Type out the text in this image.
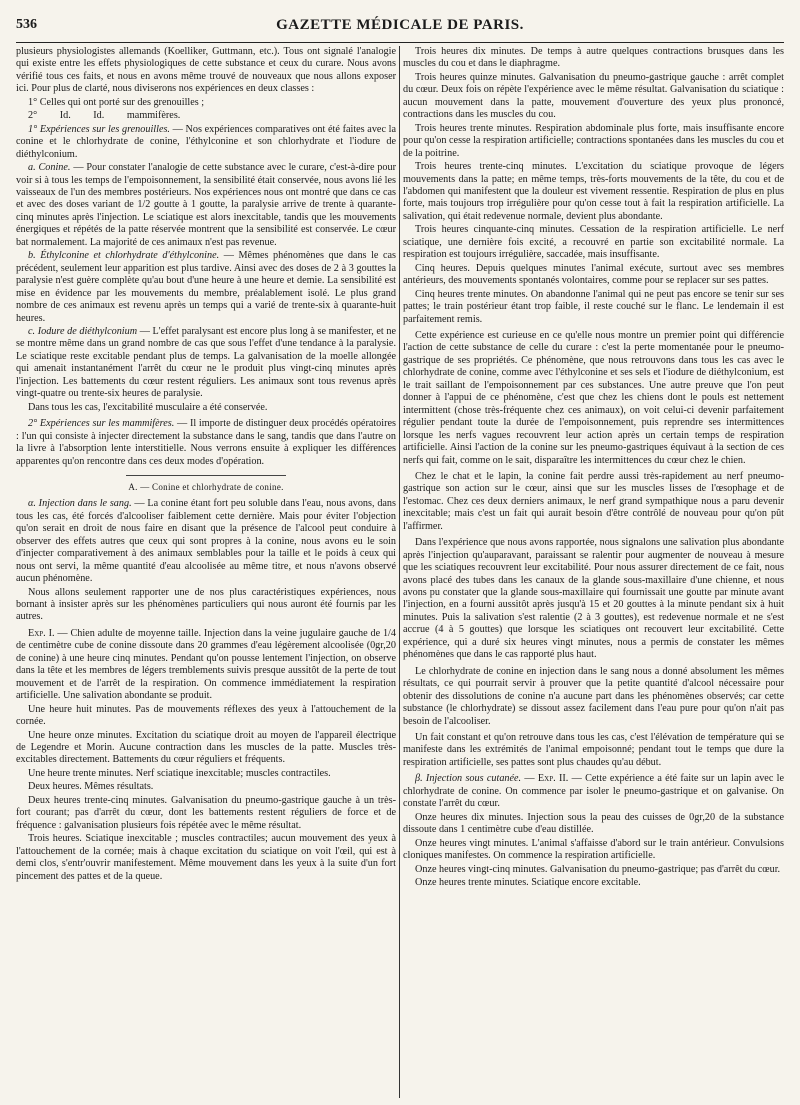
536	GAZETTE MÉDICALE DE PARIS.

plusieurs physiologistes allemands (Koelliker, Guttmann, etc.). Tous ont signalé l'analogie qui existe entre les effets physiologiques de cette substance et ceux du curare. Nous avons vérifié tous ces faits, et nous en avons même trouvé de nouveaux que nous allons exposer ici. Pour plus de clarté, nous diviserons nos expériences en deux classes :

1° Celles qui ont porté sur des grenouilles ;

2° Id. Id. mammifères.

1° Expériences sur les grenouilles. — Nos expériences comparatives ont été faites avec la conine et le chlorhydrate de conine, l'éthylconine et son chlorhydrate et l'iodure de diéthylconium.

a. Conine. — Pour constater l'analogie de cette substance avec le curare, c'est-à-dire pour voir si à tous les temps de l'empoisonnement, la sensibilité était conservée, nous avons lié les vaisseaux de l'un des membres postérieurs. Nos expériences nous ont montré que dans ce cas et avec des doses variant de 1/2 goutte à 1 goutte, la paralysie arrive de trente à quarante-cinq minutes après l'injection. Le sciatique est alors inexcitable, tandis que les mouvements énergiques et répétés de la patte réservée montrent que la sensibilité est conservée. Le cœur bat normalement. La majorité de ces animaux n'est pas revenue.

b. Éthylconine et chlorhydrate d'éthylconine. — Mêmes phénomènes que dans le cas précédent, seulement leur apparition est plus tardive. Ainsi avec des doses de 2 à 3 gouttes la paralysie n'est guère complète qu'au bout d'une heure à une heure et demie. La sensibilité est mise en évidence par les mouvements du membre, préalablement isolé. Le plus grand nombre de ces animaux est revenu après un temps qui a varié de trente-six à quarante-huit heures.

c. Iodure de diéthylconium — L'effet paralysant est encore plus long à se manifester, et ne se montre même dans un grand nombre de cas que sous l'effet d'une tendance à la paralysie. Le sciatique reste excitable pendant plus de temps. La galvanisation de la moelle allongée qui amenait instantanément l'arrêt du cœur ne le produit plus vingt-cinq minutes après l'injection. Les battements du cœur restent réguliers. Les animaux sont tous revenus après vingt-quatre ou trente-six heures de paralysie.

Dans tous les cas, l'excitabilité musculaire a été conservée.

2° Expériences sur les mammifères. — Il importe de distinguer deux procédés opératoires : l'un qui consiste à injecter directement la substance dans le sang, tandis que dans l'autre on la livre à l'absorption lente interstitielle. Nous verrons ensuite à expliquer les différences apparentes qu'on rencontre dans ces deux modes d'opération.

A. — Conine et chlorhydrate de conine.

α. Injection dans le sang. — La conine étant fort peu soluble dans l'eau, nous avons, dans tous les cas, été forcés d'alcooliser faiblement cette dernière. Mais pour éviter l'objection qu'on serait en droit de nous faire en disant que la présence de l'alcool peut conduire à observer des effets autres que ceux qui sont propres à la conine, nous avons eu le soin d'injecter comparativement à des animaux semblables pour la taille et le poids à ceux qui nous ont servi, la même quantité d'eau alcoolisée au même titre, et nous n'avons observé aucun phénomène.

Nous allons seulement rapporter une de nos plus caractéristiques expériences, nous bornant à insister après sur les phénomènes particuliers qui nous auront été fournis par les autres.

Exp. I. — Chien adulte de moyenne taille. Injection dans la veine jugulaire gauche de 1/4 de centimètre cube de conine dissoute dans 20 grammes d'eau légèrement alcoolisée (0gr,20 de conine) à une heure cinq minutes. Pendant qu'on pousse lentement l'injection, on observe dans la tête et les membres de légers tremblements suivis presque aussitôt de la perte de tout mouvement et de l'arrêt de la respiration. On commence immédiatement la respiration artificielle. Une salivation abondante se produit.

Une heure huit minutes. Pas de mouvements réflexes des yeux à l'attouchement de la cornée.

Une heure onze minutes. Excitation du sciatique droit au moyen de l'appareil électrique de Legendre et Morin. Aucune contraction dans les muscles de la patte. Muscles très-excitables directement. Battements du cœur réguliers et fréquents.

Une heure trente minutes. Nerf sciatique inexcitable; muscles contractiles.

Deux heures. Mêmes résultats.

Deux heures trente-cinq minutes. Galvanisation du pneumo-gastrique gauche à un très-fort courant; pas d'arrêt du cœur, dont les battements restent réguliers de force et de fréquence : galvanisation plusieurs fois répétée avec le même résultat.

Trois heures. Sciatique inexcitable ; muscles contractiles; aucun mouvement des yeux à l'attouchement de la cornée; mais à chaque excitation du sciatique on voit l'œil, qui est à demi clos, s'entr'ouvrir manifestement. Même mouvement dans les yeux à la suite d'un fort pincement des pattes et de la queue.

Trois heures dix minutes. De temps à autre quelques contractions brusques dans les muscles du cou et dans le diaphragme.

Trois heures quinze minutes. Galvanisation du pneumo-gastrique gauche : arrêt complet du cœur. Deux fois on répète l'expérience avec le même résultat. Galvanisation du sciatique : aucun mouvement dans la patte, mouvement d'ouverture des yeux plus prononcé, contractions dans les muscles du cou.

Trois heures trente minutes. Respiration abdominale plus forte, mais insuffisante encore pour qu'on cesse la respiration artificielle; contractions spontanées dans les muscles du cou et de la poitrine.

Trois heures trente-cinq minutes. L'excitation du sciatique provoque de légers mouvements dans la patte; en même temps, très-forts mouvements de la tête, du cou et de l'abdomen qui manifestent que la douleur est vivement ressentie. Respiration de plus en plus forte, mais toujours trop irrégulière pour qu'on cesse tout à fait la respiration artificielle. La salivation, qui était redevenue normale, devient plus abondante.

Trois heures cinquante-cinq minutes. Cessation de la respiration artificielle. Le nerf sciatique, une dernière fois excité, a recouvré en partie son excitabilité normale. La respiration est toujours irrégulière, saccadée, mais insuffisante.

Cinq heures. Depuis quelques minutes l'animal exécute, surtout avec ses membres antérieurs, des mouvements spontanés volontaires, comme pour se replacer sur ses pattes.

Cinq heures trente minutes. On abandonne l'animal qui ne peut pas encore se tenir sur ses pattes; le train postérieur étant trop faible, il reste couché sur le flanc. Le lendemain il est parfaitement remis.

Cette expérience est curieuse en ce qu'elle nous montre un premier point qui différencie l'action de cette substance de celle du curare : c'est la perte momentanée pour le pneumo-gastrique de ses propriétés. Ce phénomène, que nous retrouvons dans tous les cas avec le chlorhydrate de conine, comme avec l'éthylconine et ses sels et l'iodure de diéthylconium, est le trait saillant de l'empoisonnement par ces substances. Une autre preuve que l'on peut donner à l'appui de ce phénomène, c'est que chez les chiens dont le pouls est nettement intermittent (chose très-fréquente chez ces animaux), on voit celui-ci devenir parfaitement régulier pendant toute la durée de l'empoisonnement, puis reprendre ses intermittences lorsque les nerfs vagues recouvrent leur action après un certain temps de respiration artificielle. Ainsi l'action de la conine sur les pneumo-gastriques équivaut à la section de ces nerfs qui fait, comme on le sait, disparaître les intermittences du cœur chez le chien.

Chez le chat et le lapin, la conine fait perdre aussi très-rapidement au nerf pneumo-gastrique son action sur le cœur, ainsi que sur les muscles lisses de l'œsophage et de l'estomac. Chez ces deux derniers animaux, le nerf grand sympathique nous a paru devenir inexcitable; mais c'est un fait qui aurait besoin d'être contrôlé de nouveau pour qu'on pût l'affirmer.

Dans l'expérience que nous avons rapportée, nous signalons une salivation plus abondante après l'injection qu'auparavant, paraissant se ralentir pour augmenter de nouveau à mesure que les sciatiques recouvrent leur excitabilité. Pour nous assurer directement de ce fait, nous avons placé des tubes dans les canaux de la glande sous-maxillaire d'une chienne, et nous avons pu constater que la glande sous-maxillaire qui fournissait une goutte par minute avant l'injection, en a fourni aussitôt après jusqu'à 15 et 20 gouttes à la minute pendant six à huit minutes. Puis la salivation s'est ralentie (2 à 3 gouttes), est redevenue normale et ne s'est accrue (4 à 5 gouttes) que lorsque les sciatiques ont recouvert leur excitabilité. Cette expérience, qui a duré six heures vingt minutes, nous a permis de constater les mêmes phénomènes que dans le cas rapporté plus haut.

Le chlorhydrate de conine en injection dans le sang nous a donné absolument les mêmes résultats, ce qui pourrait servir à prouver que la petite quantité d'alcool nécessaire pour obtenir des dissolutions de conine n'a aucune part dans les phénomènes observés; car cette substance (le chlorhydrate) se dissout assez facilement dans l'eau pure pour qu'on n'ait pas besoin de l'alcooliser.

Un fait constant et qu'on retrouve dans tous les cas, c'est l'élévation de température qui se manifeste dans les extrémités de l'animal empoisonné; pendant tout le temps que dure la respiration artificielle, ses pattes sont plus chaudes qu'au début.

β. Injection sous cutanée. — Exp. II. — Cette expérience a été faite sur un lapin avec le chlorhydrate de conine. On commence par isoler le pneumo-gastrique et on galvanise. On constate l'arrêt du cœur.

Onze heures dix minutes. Injection sous la peau des cuisses de 0gr,20 de la substance dissoute dans 1 centimètre cube d'eau distillée.

Onze heures vingt minutes. L'animal s'affaisse d'abord sur le train antérieur. Convulsions cloniques manifestes. On commence la respiration artificielle.

Onze heures vingt-cinq minutes. Galvanisation du pneumo-gastrique; pas d'arrêt du cœur.

Onze heures trente minutes. Sciatique encore excitable.
